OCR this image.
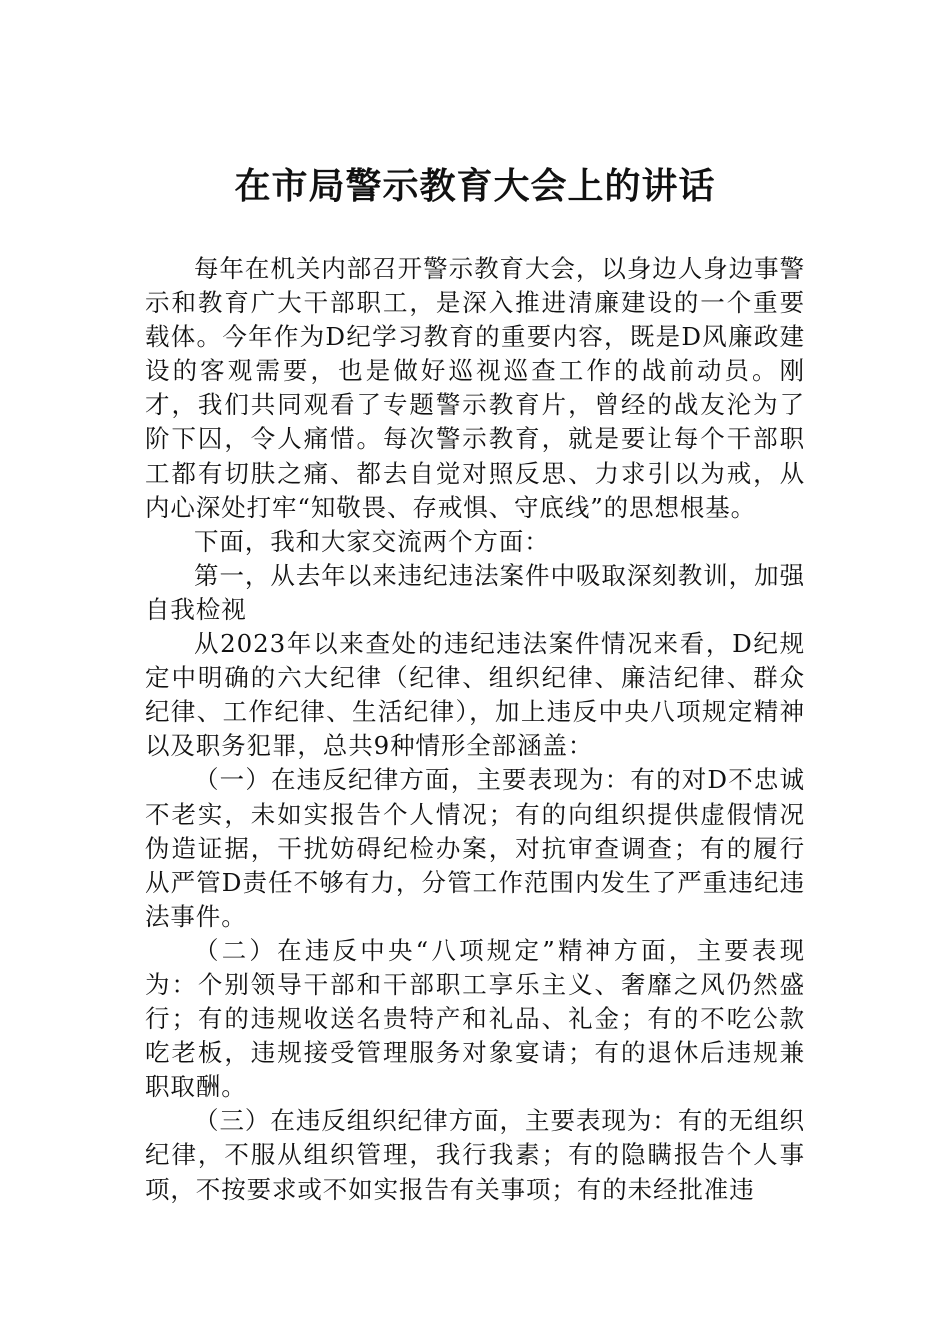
在市局警示教育大会上的讲话

每年在机关内部召开警示教育大会，以身边人身边事警示和教育广大干部职工，是深入推进清廉建设的一个重要载体。今年作为D纪学习教育的重要内容，既是D风廉政建设的客观需要，也是做好巡视巡查工作的战前动员。刚才，我们共同观看了专题警示教育片，曾经的战友沦为了阶下囚，令人痛惜。每次警示教育，就是要让每个干部职工都有切肤之痛、都去自觉对照反思、力求引以为戒，从内心深处打牢“知敬畏、存戒惧、守底线”的思想根基。

下面，我和大家交流两个方面：

第一，从去年以来违纪违法案件中吸取深刻教训，加强自我检视

从2023年以来查处的违纪违法案件情况来看，D纪规定中明确的六大纪律（纪律、组织纪律、廉洁纪律、群众纪律、工作纪律、生活纪律），加上违反中央八项规定精神以及职务犯罪，总共9种情形全部涵盖：

（一）在违反纪律方面，主要表现为：有的对D不忠诚不老实，未如实报告个人情况；有的向组织提供虚假情况伪造证据，干扰妨碍纪检办案，对抗审查调查；有的履行从严管D责任不够有力，分管工作范围内发生了严重违纪违法事件。

（二）在违反中央“八项规定”精神方面，主要表现为：个别领导干部和干部职工享乐主义、奢靡之风仍然盛行；有的违规收送名贵特产和礼品、礼金；有的不吃公款吃老板，违规接受管理服务对象宴请；有的退休后违规兼职取酬。

（三）在违反组织纪律方面，主要表现为：有的无组织纪律，不服从组织管理，我行我素；有的隐瞒报告个人事项，不按要求或不如实报告有关事项；有的未经批准违
